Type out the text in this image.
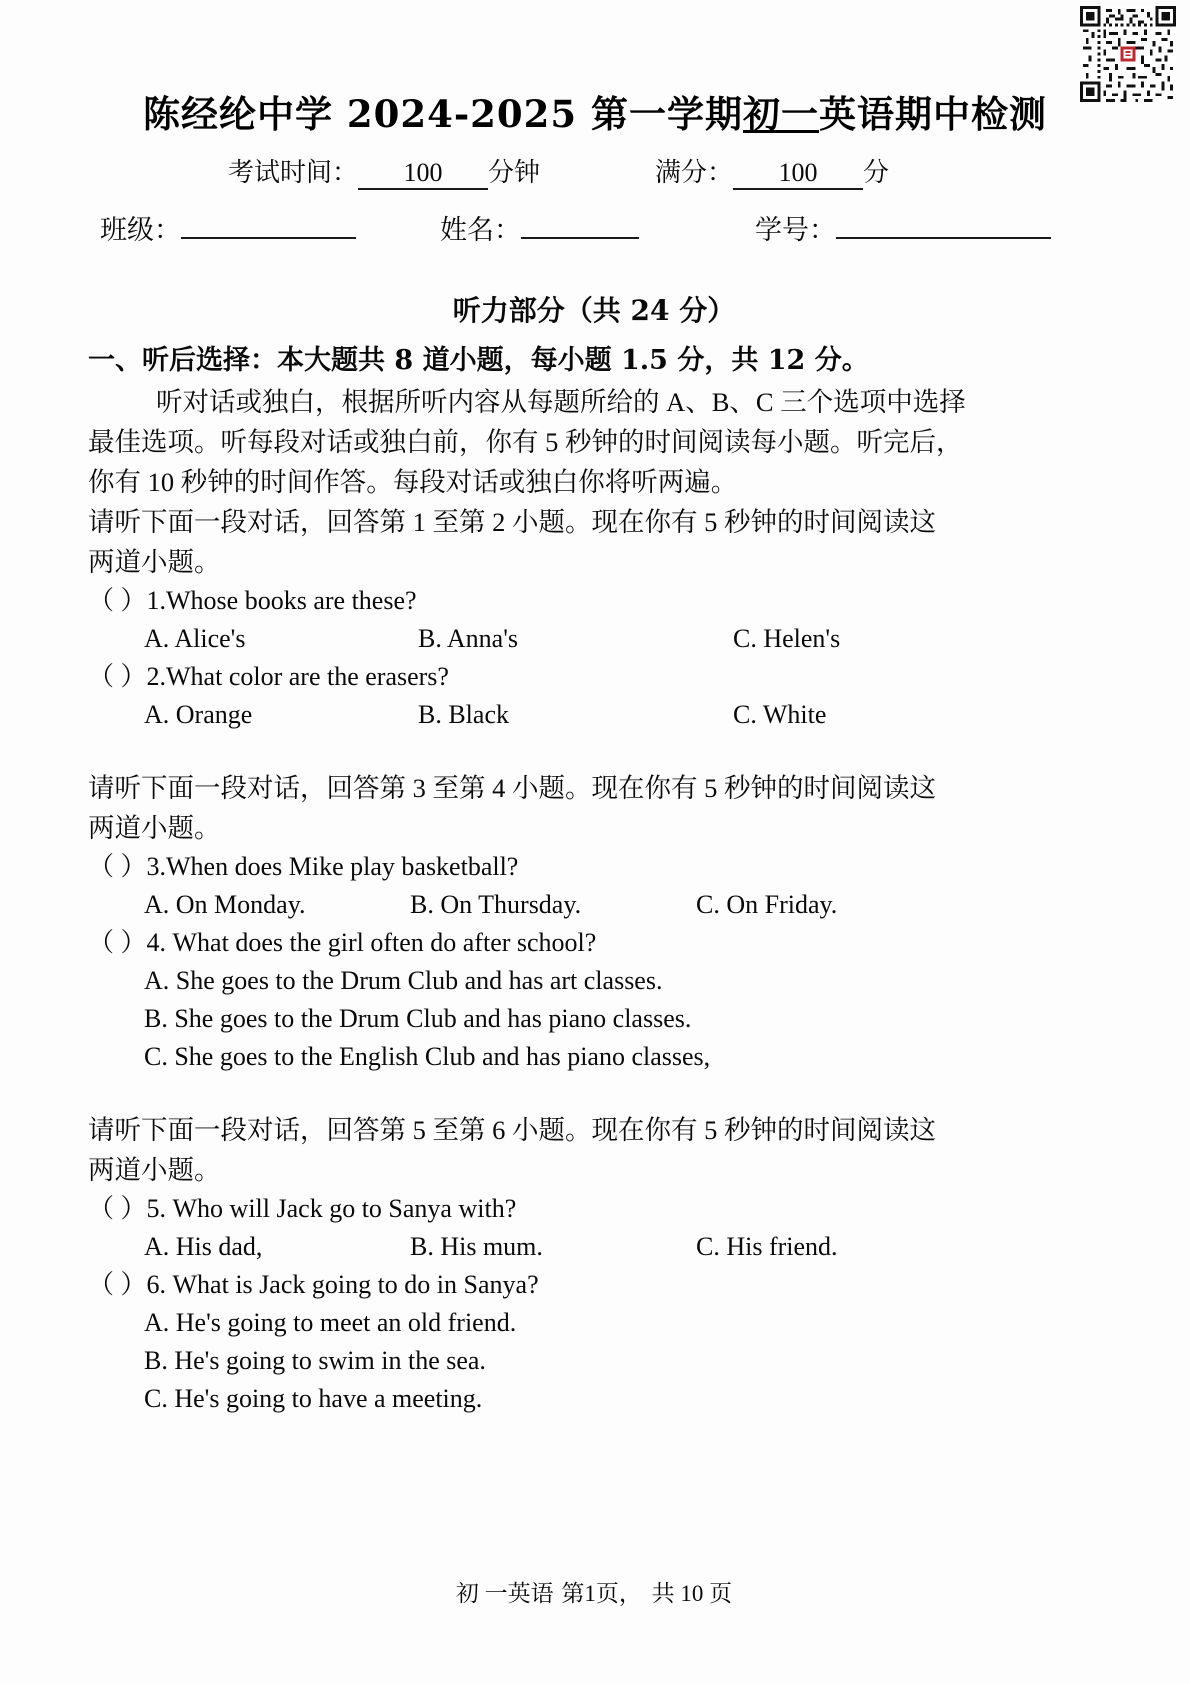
陈经纶中学 2024-2025 第一学期初一英语期中检测
考试时间： 100 分钟	满分： 100 分
班级：	姓名：	学号：
听力部分（共 24 分）
一、听后选择：本大题共 8 道小题，每小题 1.5 分，共 12 分。

听对话或独白，根据所听内容从每题所给的 A、B、C 三个选项中选择

最佳选项。听每段对话或独白前，你有 5 秒钟的时间阅读每小题。听完后，

你有 10 秒钟的时间作答。每段对话或独白你将听两遍。

请听下面一段对话，回答第 1 至第 2 小题。现在你有 5 秒钟的时间阅读这

两道小题。

（ ）1.Whose books are these?

A. Alice's	B. Anna's	C. Helen's

（ ）2.What color are the erasers?

A. Orange	B. Black	C. White

请听下面一段对话，回答第 3 至第 4 小题。现在你有 5 秒钟的时间阅读这

两道小题。

（ ）3.When does Mike play basketball?

A. On Monday.	B. On Thursday.	C. On Friday.

（ ）4. What does the girl often do after school?

A. She goes to the Drum Club and has art classes.

B. She goes to the Drum Club and has piano classes.

C. She goes to the English Club and has piano classes,

请听下面一段对话，回答第 5 至第 6 小题。现在你有 5 秒钟的时间阅读这

两道小题。

（ ）5. Who will Jack go to Sanya with?

A. His dad,	B. His mum.	C. His friend.

（ ）6. What is Jack going to do in Sanya?

A. He's going to meet an old friend.

B. He's going to swim in the sea.

C. He's going to have a meeting.

初 一英语 第1页， 共 10 页
